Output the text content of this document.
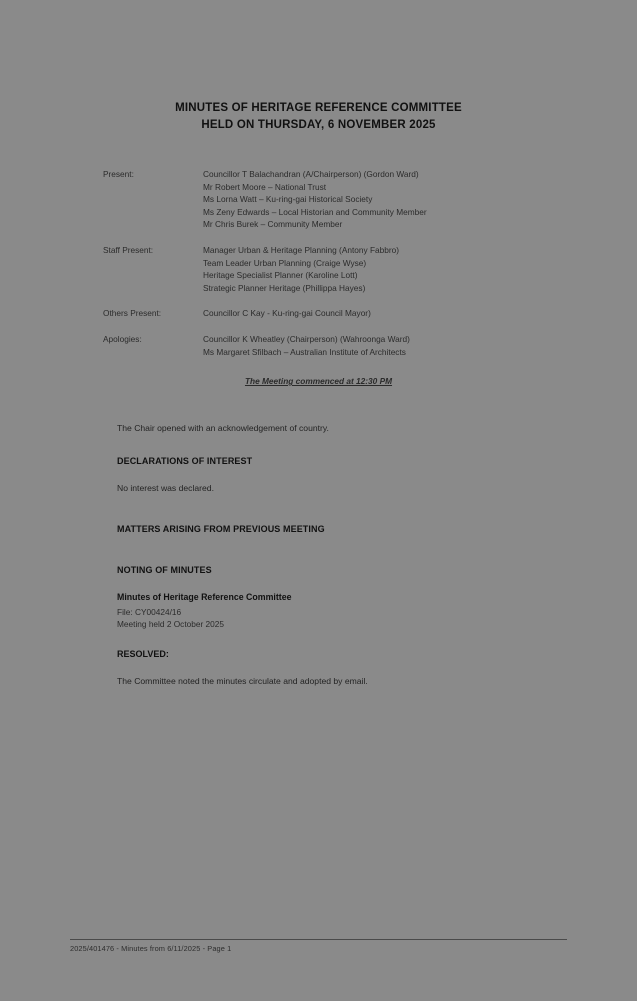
MINUTES OF HERITAGE REFERENCE COMMITTEE
HELD ON THURSDAY, 6 NOVEMBER 2025
Present:	Councillor T Balachandran (A/Chairperson) (Gordon Ward)
Mr Robert Moore – National Trust
Ms Lorna Watt – Ku-ring-gai Historical Society
Ms Zeny Edwards – Local Historian and Community Member
Mr Chris Burek – Community Member
Staff Present:	Manager Urban & Heritage Planning (Antony Fabbro)
Team Leader Urban Planning (Craige Wyse)
Heritage Specialist Planner (Karoline Lott)
Strategic Planner Heritage (Phillippa Hayes)
Others Present:	Councillor C Kay - Ku-ring-gai Council Mayor)
Apologies:	Councillor K Wheatley (Chairperson) (Wahroonga Ward)
Ms Margaret Sfilbach – Australian Institute of Architects
The Meeting commenced at 12:30 PM
The Chair opened with an acknowledgement of country.
DECLARATIONS OF INTEREST
No interest was declared.
MATTERS ARISING FROM PREVIOUS MEETING
NOTING OF MINUTES
Minutes of Heritage Reference Committee
File: CY00424/16
Meeting held 2 October 2025
RESOLVED:
The Committee noted the minutes circulate and adopted by email.
2025/401476 - Minutes from 6/11/2025 - Page 1
